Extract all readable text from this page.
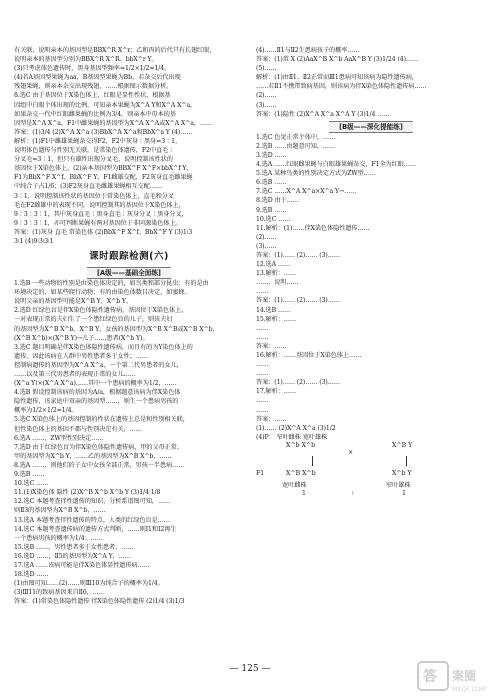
有关联，说明亲本的基因型是BBX^R X^r；乙和丙的后代只有长翅红眼，
说明亲本的基因型分别为BBX^R X^R、bbX^r Y。
(3)只考虑体色遗传时，黑身基因型频率=1/2×1/2=1/4。
(4)若A基因型果蝇为aa，B基因型果蝇为Bb，若杂交后代出现
残翅果蝇，则亲本杂交出现残翅，……根据图示数据分析。
8.选C 由于基因位于X染色体上，红眼是显性性状，根据基
因组中白眼个体出现的比例，可知亲本果蝇为X^A Y和X^A X^a，
如果杂交一代中红眼雌果蝇的比例为3/4，则亲本中母本的基
因型是X^A X^a，F1中雌果蝇的基因型为X^A X^A或X^A X^a，……
答案：(1)3/4 (2)X^A X^a (3)BbX^A X^a和BbX^a Y (4)……
解析：(1)F1中雌雄果蝇杂交得F2，F2中灰身∶黑身=3∶1，
说明体色遗传与性别无关联，是常染色体遗传，F2中直毛∶
分叉毛=3∶1，但只有雄性出现分叉毛，说明控制该性状的
基因位于X染色体上。(2)亲本基因型为BBX^F X^F×bbX^f Y，
F1为BbX^F X^f、BbX^F Y，F1雌雄交配，F2灰身直毛雌果蝇
中纯合子占1/6；(3)F2灰身直毛雌雄果蝇相互交配……
3∶1，说明控制该性状的基因位于常染色体上，直毛和分叉
毛在F2雌雄中的表现不同，说明控制其的基因位于X染色体上，
9∶3∶3∶1，其中灰身直毛∶黑身直毛∶灰身分叉∶黑身分叉，
9∶3∶3∶1，亦可判断果蝇有两对基因位于非同源染色体上。
答案：(1)灰身 直毛 常染色体 (2)BbX^F X^f、BbX^F Y (3)1∶3
3∶1 (4)9∶3∶3∶1
课时跟踪检测(六)
[A级——基础全面练]
1.选B 一些动物的性别是由染色体决定的，如鸟类和部分昆虫；有的是由
环境决定的，如某些爬行动物；有的由染色体数目决定，如蜜蜂。
说明父亲的基因型可能是X^B Y、X^b Y。
2.选D 红绿色盲是伴X染色体隐性遗传病，基因位于X染色体上，
一对表现正常的夫妇生了一个患红绿色盲的儿子，则该夫妇
的基因型为X^B X^b、X^B Y，女孩的基因型为X^B X^B或X^B X^b，
(X^B X^b)×(X^B Y)→儿子……患者(X^b Y)。
3.选C 题目明确是伴X染色体隐性遗传病，而且有的为Y染色体上的
遗传，因此该病在人群中男性患者多于女性；……
控制病遗传的基因型为X^A X^a，一个第二代男患者的女儿，
……以及第三代男患者的表现正常的女儿……
(X^a Y)×(X^A X^a)……其中一个患病的概率为1/2，……
4.选B 假设控制该病的基因为A/a，根据题意该病为伴X染色体
隐性遗传，该家庭中双亲的基因型……，则生一个患病男孩的
概率为1/2×1/2=1/4。
5.选C X染色体上的基因控制的性状在遗传上总是和性别相关联，
但性染色体上的基因不都与性别决定有关，……
6.选A ……，ZW型性别决定……
7.选D 由于红绿色盲为伴X染色体隐性遗传病，甲的父母正常，
甲的基因型为X^b Y，……乙的基因型为X^B X^b，……
8.选A ……，则他们的子女中女孩全部正常，男孩一半患病……
9.选B ……
10.选C ……
11.(1)X染色体 隐性 (2)X^B X^b X^b Y (3)1/4 1/8
12.选C 本题考查伴性遗传的知识，分析系谱图可知，……
则Ⅱ3的基因型为X^B X^b，……
13.选A 本题考查伴性遗传的特点，人类的红绿色盲是……
14.选C 本题考查遗传病的遗传方式判断，……则Ⅰ1和Ⅰ2再生
一个患病男孩的概率为1/4；……
15.选B ……，男性患者多于女性患者，……
16.选D ……，Ⅱ5的基因型为X^A Y，……
17.选A ……该病可能是伴X染色体显性遗传病……
18.选D ……
(1)由图可知……(2)……则Ⅲ10为纯合子的概率为1/4。
(3)Ⅲ11的致病基因来自Ⅱ6，……
答案：(1)常染色体隐性遗传 伴X染色体隐性遗传 (2)1/4 (3)1/3
(4)……Ⅱ1与Ⅱ2生患病孩子的概率……
答案：(1)常 X (2)AaX^B X^b AaX^B Y (3)1/24 (4)……
(5)……
解析：(1)由Ⅱ1、Ⅱ2正常而Ⅲ1患病可知该病为隐性遗传病，
……若Ⅱ1不携带致病基因，则该病为伴X染色体隐性遗传病……
(2)……
(3)……
答案：(1)隐性 (2)X^A X^a X^A Y (3)1/4 ……
[B级——深化提能练]
1.选C 色觉正常个体中，……
2.选B ……由题意可知，……
3.选D ……
4.选A ……红眼雌果蝇与白眼雄果蝇杂交，F1全为红眼……
5.选A 某种鸟类的性别决定方式为ZW型……
6.选B ……
7.选C ……X^A X^a×X^a Y→……
8.选D 由于……
9.选B ……
10.选C ……
11.解析：(1)……伴X染色体隐性遗传……
(2)……
(3)……
答案：(1)…… (2)…… (3)……
12.选A ……
13.解析：……
……，说明……
……
答案：(1)…… (2)…… (3)……
14.选B ……
15.解析：……
……
……
答案：……
16.解析：……基因位于X染色体上……
……
……
答案：(1)…… (2)…… (3)……
17.解析：……
……
……
答案：……
(1)…… (2)X^A X^a (3)1/2
(4)P： 窄叶雌株 宽叶雄株
X^b X^b
×
X^B Y
F1	X^B X^b	X^b Y
宽叶雌株	窄叶雄株
1	∶	1
— 125 —	答 案圈
MXQE.COM
